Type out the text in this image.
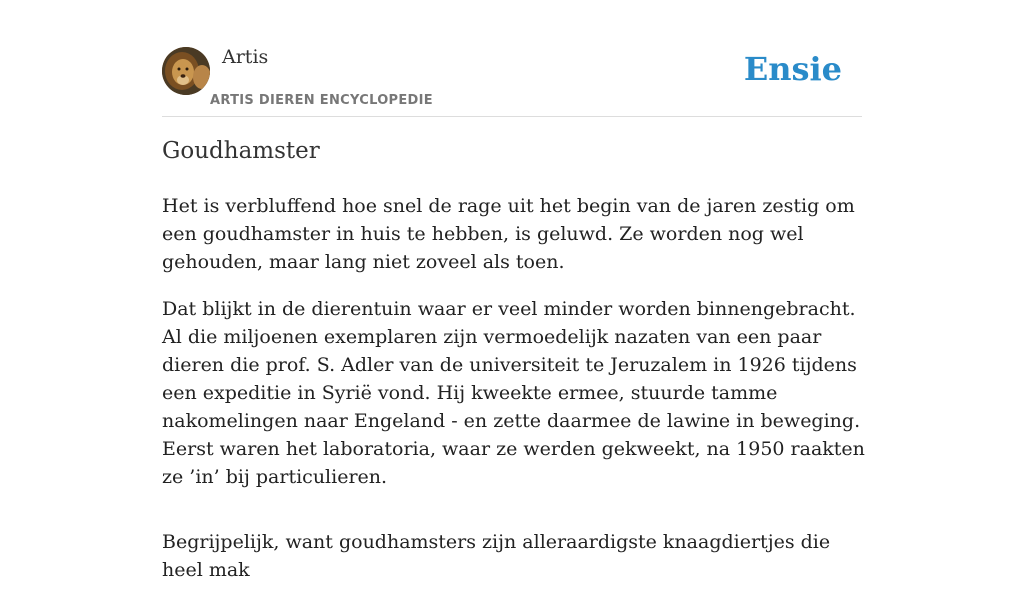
Artis
ARTIS DIEREN ENCYCLOPEDIE
Ensie
Goudhamster

Het is verbluffend hoe snel de rage uit het begin van de jaren zestig om een goudhamster in huis te hebben, is geluwd. Ze worden nog wel gehouden, maar lang niet zoveel als toen.

Dat blijkt in de dierentuin waar er veel minder worden binnengebracht. Al die miljoenen exemplaren zijn vermoedelijk nazaten van een paar dieren die prof. S. Adler van de universiteit te Jeruzalem in 1926 tijdens een expeditie in Syrië vond. Hij kweekte ermee, stuurde tamme nakomelingen naar Engeland - en zette daarmee de lawine in beweging. Eerst waren het laboratoria, waar ze werden gekweekt, na 1950 raakten ze ’in’ bij particulieren.

Begrijpelijk, want goudhamsters zijn alleraardigste knaagdiertjes die heel mak
